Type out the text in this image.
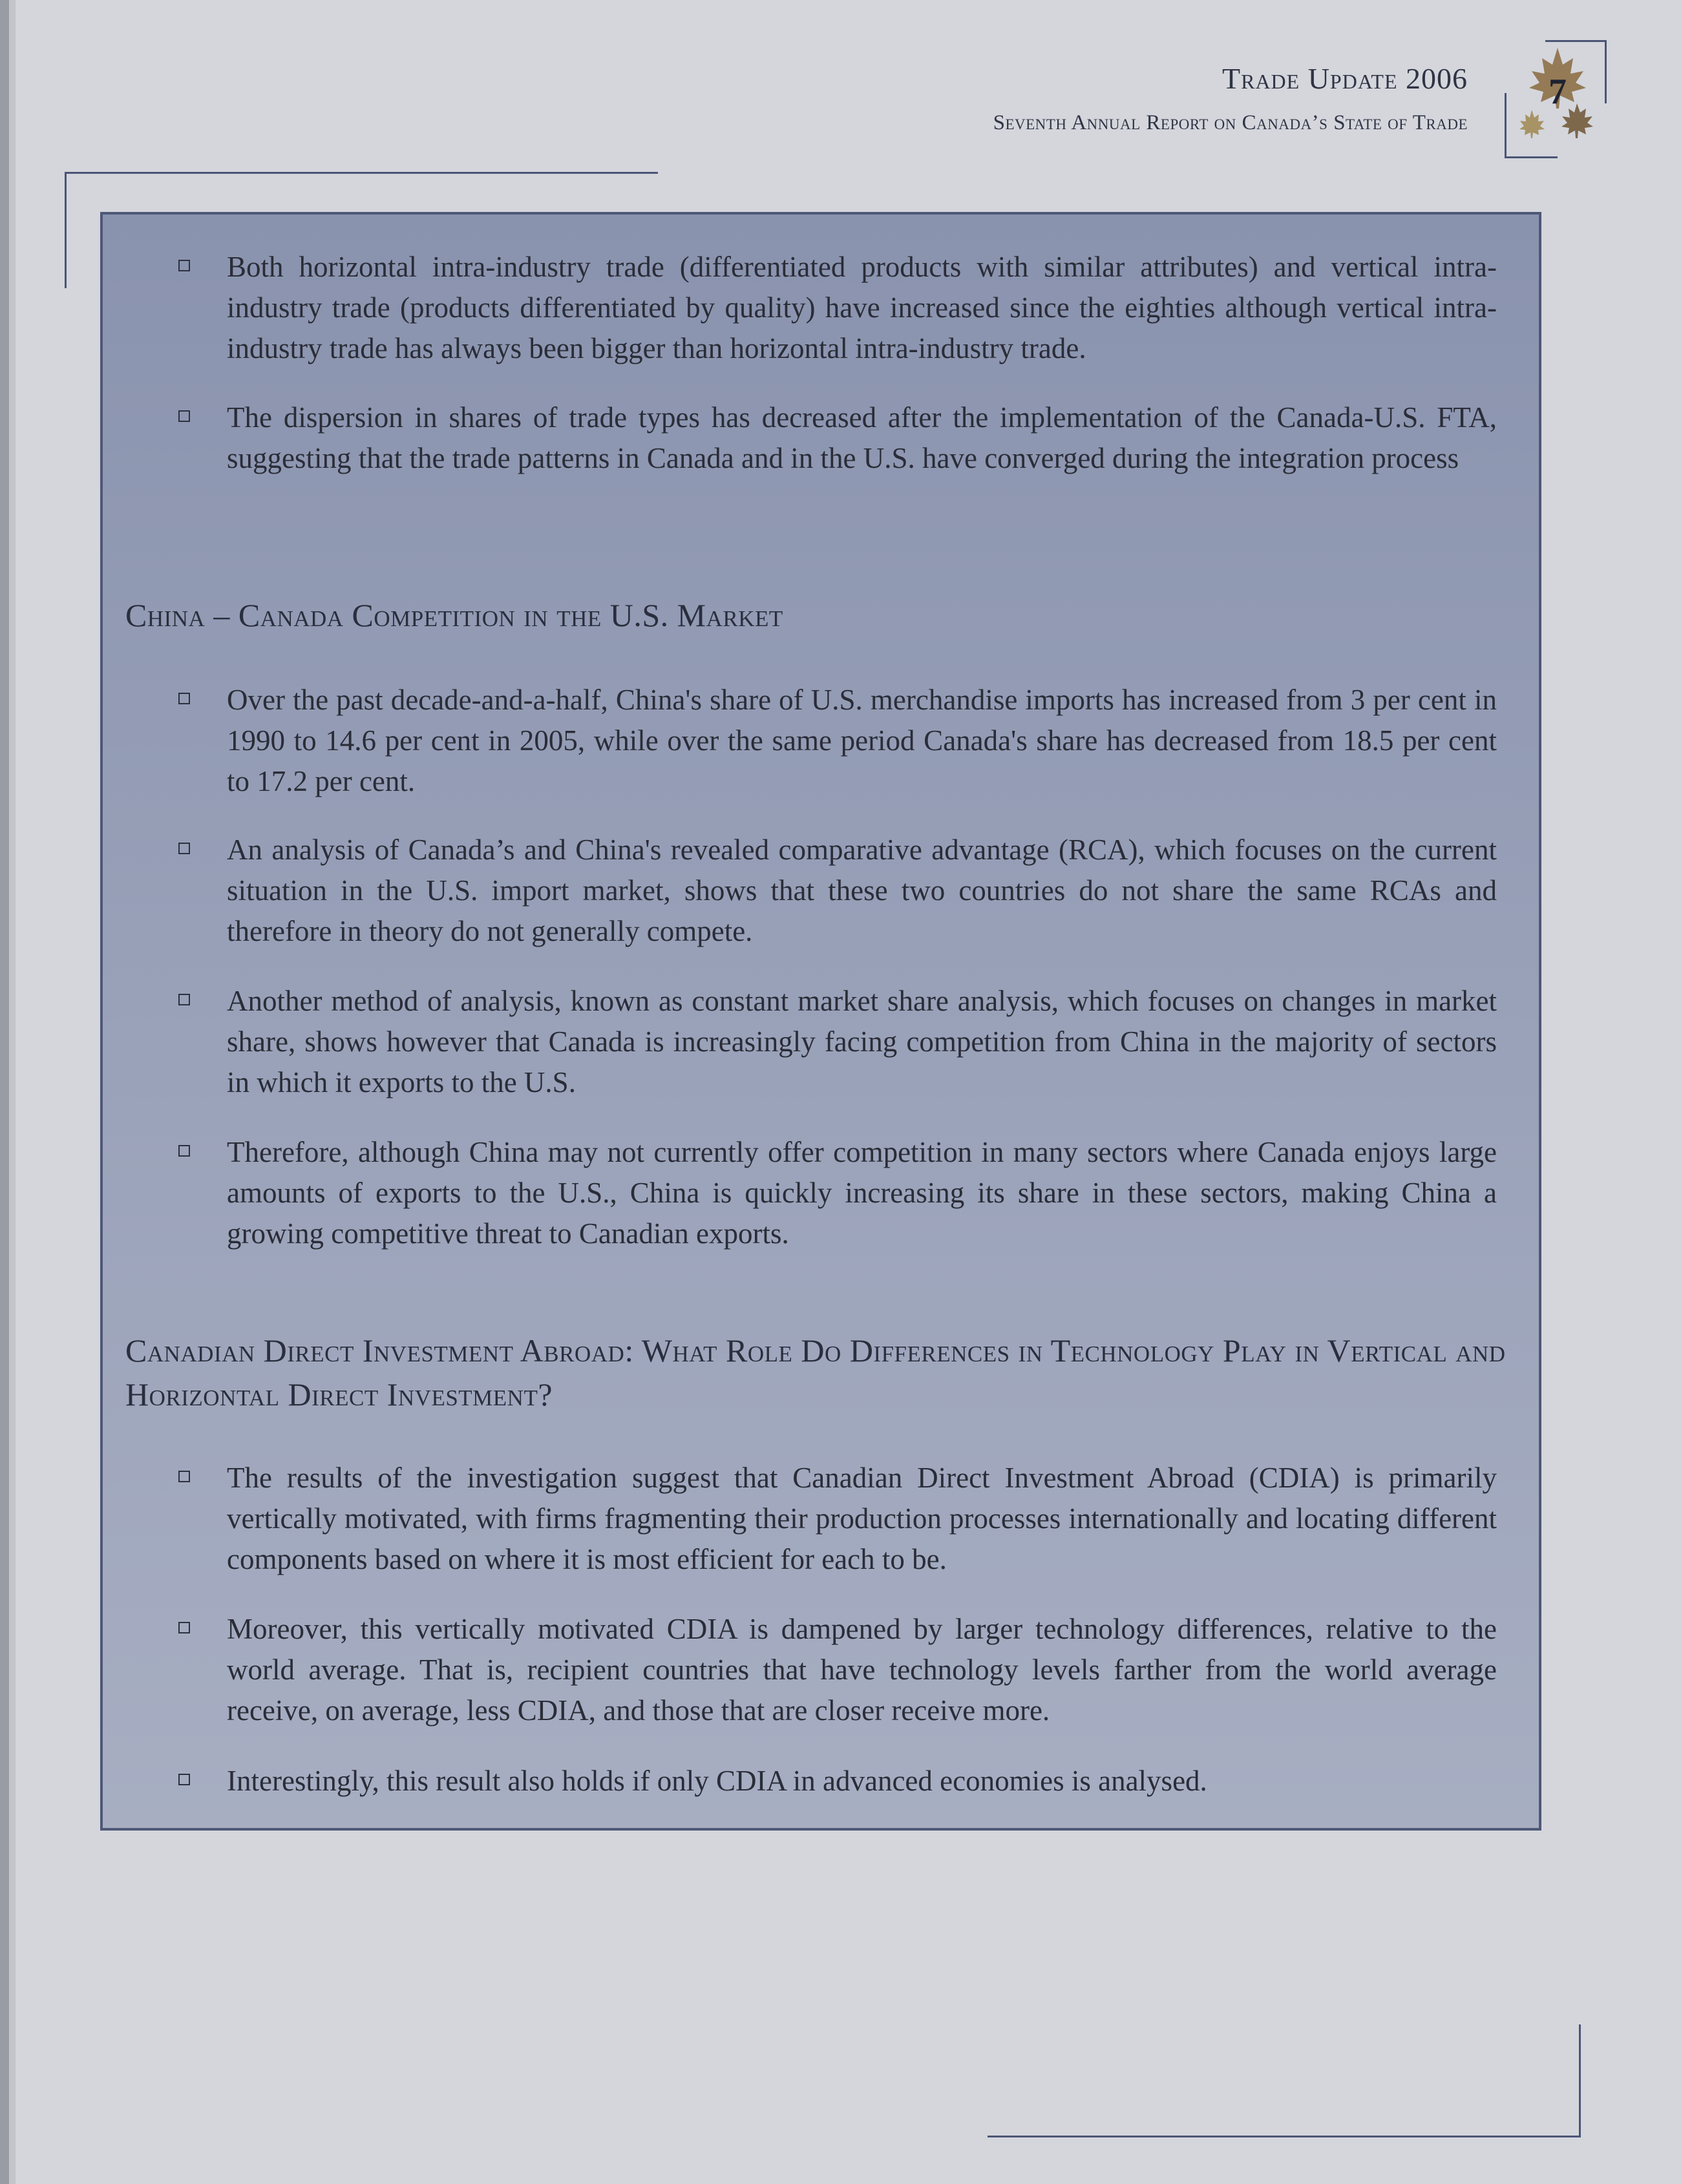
Trade Update 2006
Seventh Annual Report on Canada’s State of Trade
7
Both horizontal intra-industry trade (differentiated products with similar attributes) and vertical intra-industry trade (products differentiated by quality) have increased since the eighties although vertical intra-industry trade has always been bigger than horizontal intra-industry trade.
The dispersion in shares of trade types has decreased after the implementation of the Canada-U.S. FTA, suggesting that the trade patterns in Canada and in the U.S. have converged during the integration process
China – Canada Competition in the U.S. Market
Over the past decade-and-a-half, China's share of U.S. merchandise imports has increased from 3 per cent in 1990 to 14.6 per cent in 2005, while over the same period Canada's share has decreased from 18.5 per cent to 17.2 per cent.
An analysis of Canada’s and China's revealed comparative advantage (RCA), which focuses on the current situation in the U.S. import market, shows that these two countries do not share the same RCAs and therefore in theory do not generally compete.
Another method of analysis, known as constant market share analysis, which focuses on changes in market share, shows however that Canada is increasingly facing competition from China in the majority of sectors in which it exports to the U.S.
Therefore, although China may not currently offer competition in many sectors where Canada enjoys large amounts of exports to the U.S., China is quickly increasing its share in these sectors, making China a growing competitive threat to Canadian exports.
Canadian Direct Investment Abroad: What Role Do Differences in Technology Play in Vertical and Horizontal Direct Investment?
The results of the investigation suggest that Canadian Direct Investment Abroad (CDIA) is primarily vertically motivated, with firms fragmenting their production processes internationally and locating different components based on where it is most efficient for each to be.
Moreover, this vertically motivated CDIA is dampened by larger technology differences, relative to the world average. That is, recipient countries that have technology levels farther from the world average receive, on average, less CDIA, and those that are closer receive more.
Interestingly, this result also holds if only CDIA in advanced economies is analysed.
